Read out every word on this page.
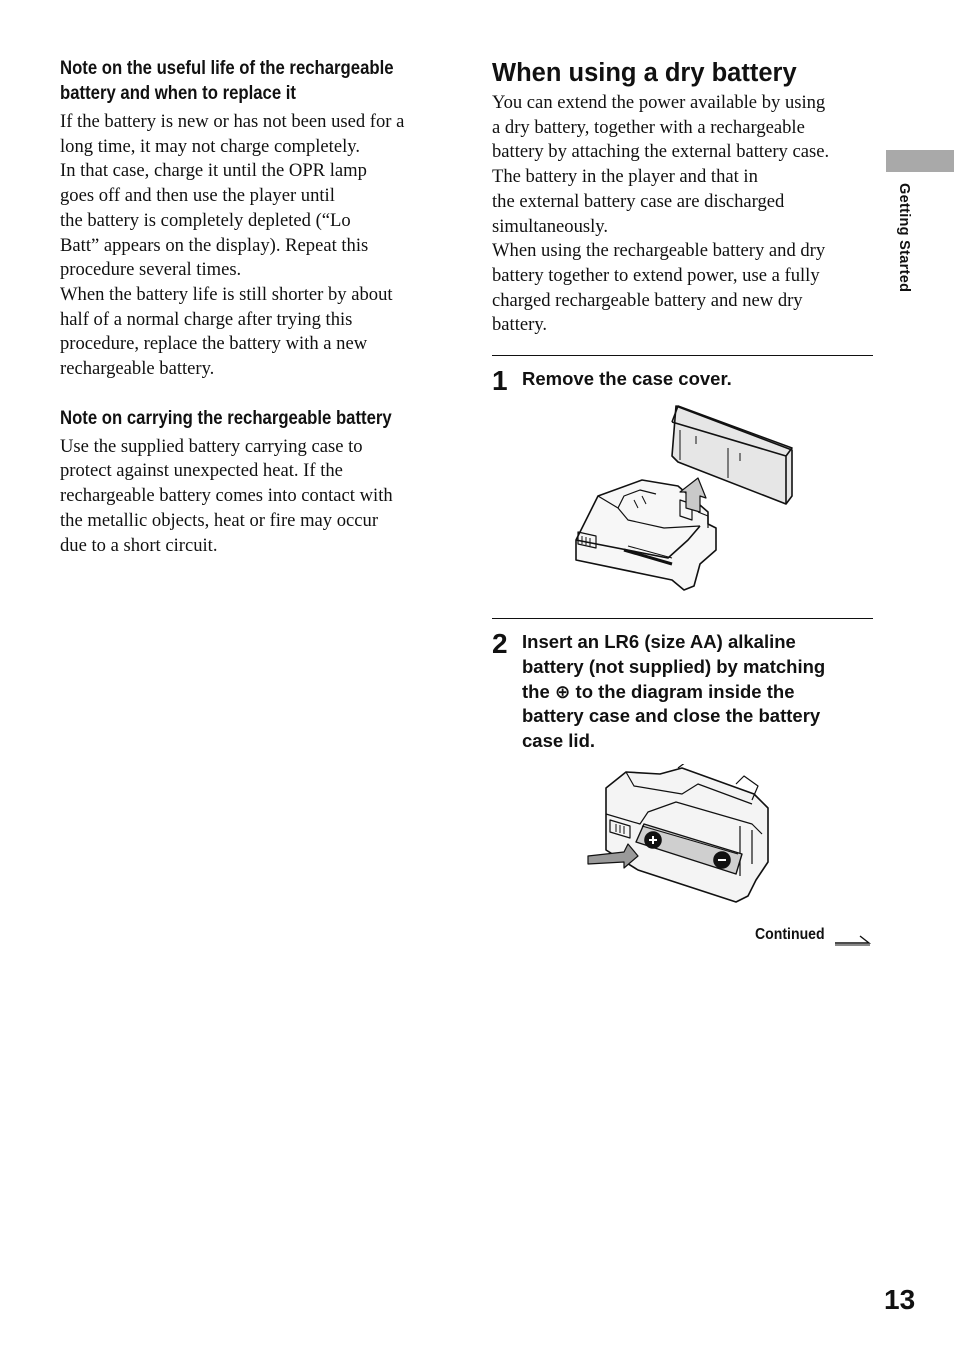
Getting Started
Note on the useful life of the rechargeable
battery and when to replace it

If the battery is new or has not been used for a

long time, it may not charge completely.

In that case, charge it until the OPR lamp

goes off and then use the player until

the battery is completely depleted (“Lo

Batt” appears on the display). Repeat this

procedure several times.

When the battery life is still shorter by about

half of a normal charge after trying this

procedure, replace the battery with a new

rechargeable battery.

Note on carrying the rechargeable battery

Use the supplied battery carrying case to

protect against unexpected heat. If the

rechargeable battery comes into contact with

the metallic objects, heat or fire may occur

due to a short circuit.

When using a dry battery

You can extend the power available by using

a dry battery, together with a rechargeable

battery by attaching the external battery case.

The battery in the player and that in

the external battery case are discharged

simultaneously.

When using the rechargeable battery and dry

battery together to extend power, use a fully

charged rechargeable battery and new dry

battery.

1 Remove the case cover.
2 Insert an LR6 (size AA) alkaline
battery (not supplied) by matching
the ⊕ to the diagram inside the
battery case and close the battery
case lid.
Continued
13
